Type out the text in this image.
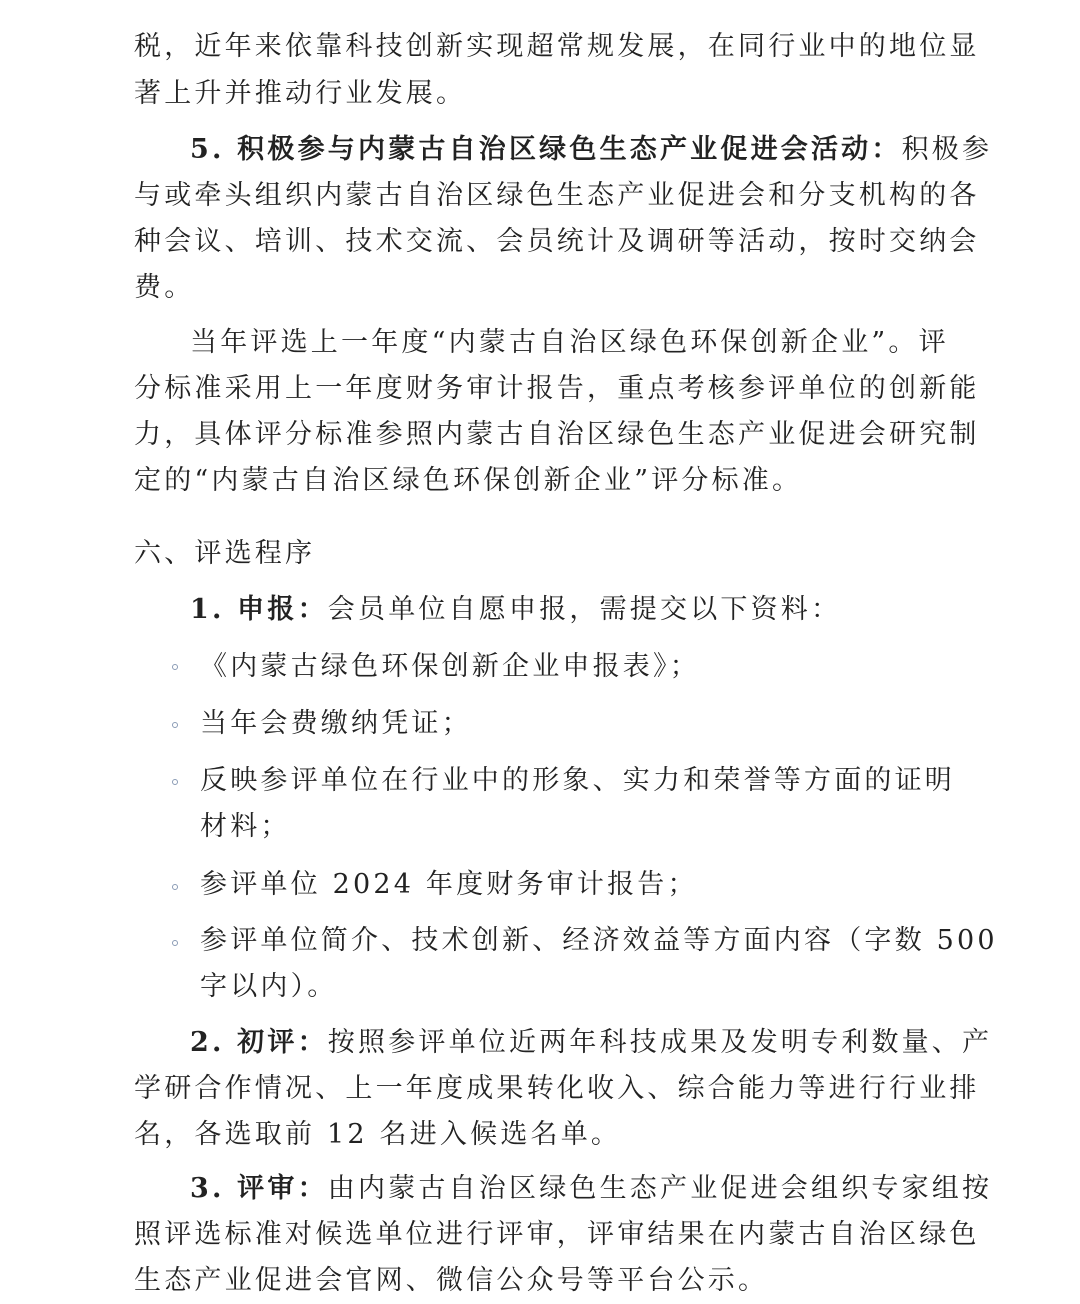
税，近年来依靠科技创新实现超常规发展，在同行业中的地位显
著上升并推动行业发展。
5. 积极参与内蒙古自治区绿色生态产业促进会活动：积极参
与或牵头组织内蒙古自治区绿色生态产业促进会和分支机构的各
种会议、培训、技术交流、会员统计及调研等活动，按时交纳会
费。
当年评选上一年度“内蒙古自治区绿色环保创新企业”。评
分标准采用上一年度财务审计报告，重点考核参评单位的创新能
力，具体评分标准参照内蒙古自治区绿色生态产业促进会研究制
定的“内蒙古自治区绿色环保创新企业”评分标准。
六、评选程序
1. 申报：会员单位自愿申报，需提交以下资料：
《内蒙古绿色环保创新企业申报表》；
当年会费缴纳凭证；
反映参评单位在行业中的形象、实力和荣誉等方面的证明
材料；
参评单位 2024 年度财务审计报告；
参评单位简介、技术创新、经济效益等方面内容（字数 500
字以内）。
2. 初评：按照参评单位近两年科技成果及发明专利数量、产
学研合作情况、上一年度成果转化收入、综合能力等进行行业排
名，各选取前 12 名进入候选名单。
3. 评审：由内蒙古自治区绿色生态产业促进会组织专家组按
照评选标准对候选单位进行评审，评审结果在内蒙古自治区绿色
生态产业促进会官网、微信公众号等平台公示。
